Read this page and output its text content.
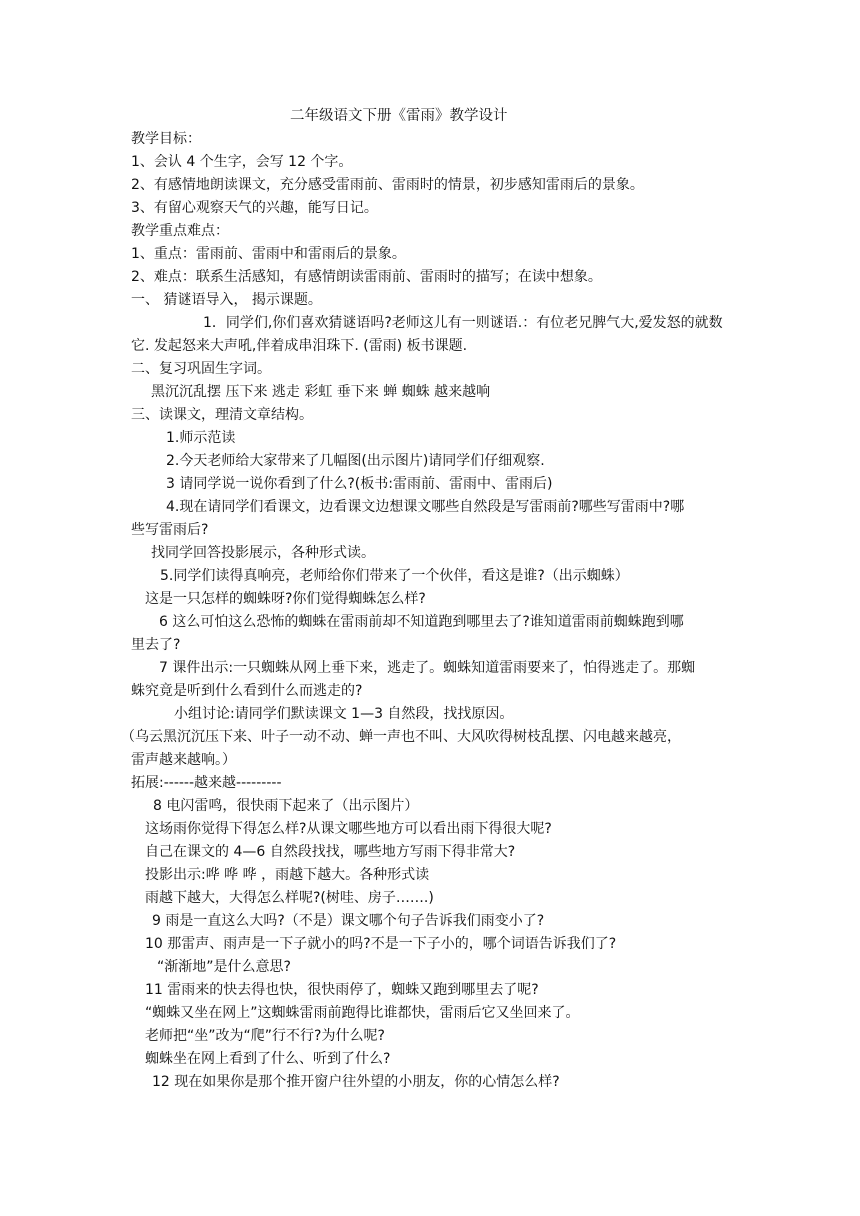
二年级语文下册《雷雨》教学设计
教学目标：
1、会认 4 个生字，会写 12 个字。
2、有感情地朗读课文，充分感受雷雨前、雷雨时的情景，初步感知雷雨后的景象。
3、有留心观察天气的兴趣，能写日记。
教学重点难点：
1、重点：雷雨前、雷雨中和雷雨后的景象。
2、难点：联系生活感知，有感情朗读雷雨前、雷雨时的描写；在读中想象。
一、 猜谜语导入， 揭示课题。
1．同学们,你们喜欢猜谜语吗?老师这儿有一则谜语.：有位老兄脾气大,爱发怒的就数
它. 发起怒来大声吼,伴着成串泪珠下. (雷雨) 板书课题.
二、复习巩固生字词。
黑沉沉乱摆 压下来 逃走 彩虹 垂下来 蝉 蜘蛛 越来越响
三、读课文，理清文章结构。
1.师示范读
2.今天老师给大家带来了几幅图(出示图片)请同学们仔细观察.
3 请同学说一说你看到了什么?(板书:雷雨前、雷雨中、雷雨后)
4.现在请同学们看课文，边看课文边想课文哪些自然段是写雷雨前?哪些写雷雨中?哪
些写雷雨后?
找同学回答投影展示，各种形式读。
5.同学们读得真响亮，老师给你们带来了一个伙伴，看这是谁?（出示蜘蛛）
这是一只怎样的蜘蛛呀?你们觉得蜘蛛怎么样?
6 这么可怕这么恐怖的蜘蛛在雷雨前却不知道跑到哪里去了?谁知道雷雨前蜘蛛跑到哪
里去了?
7 课件出示:一只蜘蛛从网上垂下来，逃走了。蜘蛛知道雷雨要来了，怕得逃走了。那蜘
蛛究竟是听到什么看到什么而逃走的?
小组讨论:请同学们默读课文 1—3 自然段，找找原因。
（乌云黑沉沉压下来、叶子一动不动、蝉一声也不叫、大风吹得树枝乱摆、闪电越来越亮，
雷声越来越响。）
拓展:------越来越---------
8 电闪雷鸣，很快雨下起来了（出示图片）
这场雨你觉得下得怎么样?从课文哪些地方可以看出雨下得很大呢?
自己在课文的 4—6 自然段找找，哪些地方写雨下得非常大?
投影出示:哗 哗 哗 ，雨越下越大。各种形式读
雨越下越大，大得怎么样呢?(树哇、房子…….)
9 雨是一直这么大吗?（不是）课文哪个句子告诉我们雨变小了?
10 那雷声、雨声是一下子就小的吗?不是一下子小的，哪个词语告诉我们了?
“渐渐地”是什么意思?
11 雷雨来的快去得也快，很快雨停了，蜘蛛又跑到哪里去了呢?
“蜘蛛又坐在网上”这蜘蛛雷雨前跑得比谁都快，雷雨后它又坐回来了。
老师把“坐”改为“爬”行不行?为什么呢?
蜘蛛坐在网上看到了什么、听到了什么?
12 现在如果你是那个推开窗户往外望的小朋友，你的心情怎么样?
